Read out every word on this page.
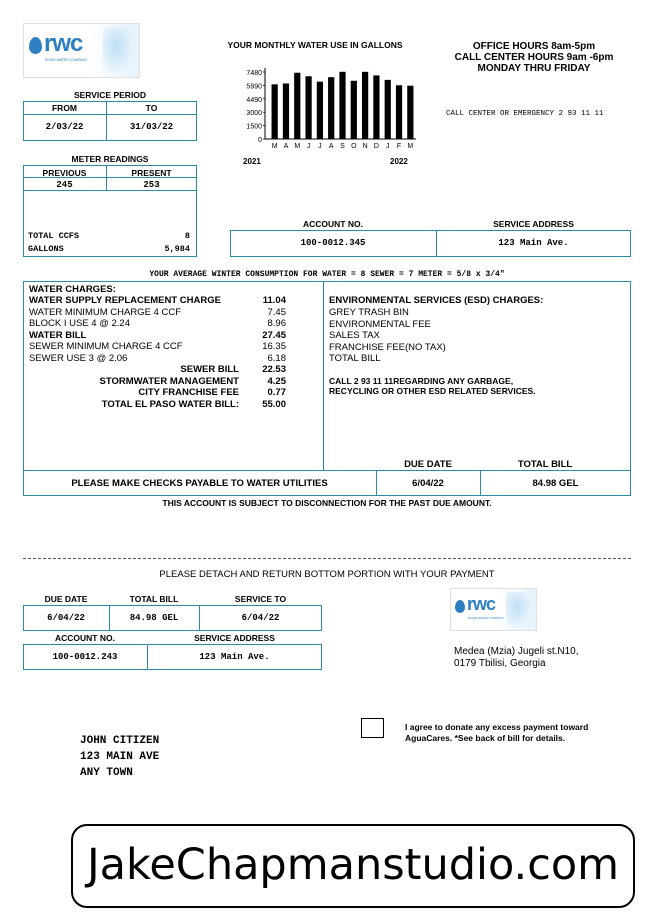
rwc
RIVER WATER COMPANY
YOUR MONTHLY WATER USE IN GALLONS
7480
5990
4490
3000
1500
0
M A M J J A S O N D J F M
2021	2022
OFFICE HOURS 8am-5pm
CALL CENTER HOURS 9am -6pm
MONDAY THRU FRIDAY
CALL CENTER OR EMERGENCY 2 93 11 11
SERVICE PERIOD
FROM	TO
2/03/22	31/03/22
METER READINGS
PREVIOUS	PRESENT
245	253
TOTAL CCFS	8
GALLONS	5,984
ACCOUNT NO.	SERVICE ADDRESS
100-0012.345	123 Main Ave.
YOUR AVERAGE WINTER CONSUMPTION FOR WATER = 8 SEWER = 7 METER = 5/8 x 3/4"
WATER CHARGES:
WATER SUPPLY REPLACEMENT CHARGE	11.04
WATER MINIMUM CHARGE 4 CCF	7.45
BLOCK I USE 4 @ 2.24	8.96
WATER BILL	27.45
SEWER MINIMUM CHARGE 4 CCF	16.35
SEWER USE 3 @ 2.06	6.18
SEWER BILL	22.53
STORMWATER MANAGEMENT	4.25
CITY FRANCHISE FEE	0.77
TOTAL EL PASO WATER BILL:	55.00
ENVIRONMENTAL SERVICES (ESD) CHARGES:
GREY TRASH BIN
ENVIRONMENTAL FEE
SALES TAX
FRANCHISE FEE(NO TAX)
TOTAL BILL
CALL 2 93 11 11REGARDING ANY GARBAGE,
RECYCLING OR OTHER ESD RELATED SERVICES.
DUE DATE	TOTAL BILL
PLEASE MAKE CHECKS PAYABLE TO WATER UTILITIES	6/04/22	84.98 GEL
THIS ACCOUNT IS SUBJECT TO DISCONNECTION FOR THE PAST DUE AMOUNT.
PLEASE DETACH AND RETURN BOTTOM PORTION WITH YOUR PAYMENT
DUE DATE	TOTAL BILL	SERVICE TO
6/04/22	84.98 GEL	6/04/22
ACCOUNT NO.	SERVICE ADDRESS
100-0012.243	123 Main Ave.
rwc
RIVER WATER COMPANY
Medea (Mzia) Jugeli st.N10,
0179 Tbilisi, Georgia
I agree to donate any excess payment toward
AguaCares. *See back of bill for details.
JOHN CITIZEN
123 MAIN AVE
ANY TOWN
JakeChapmanstudio.com
